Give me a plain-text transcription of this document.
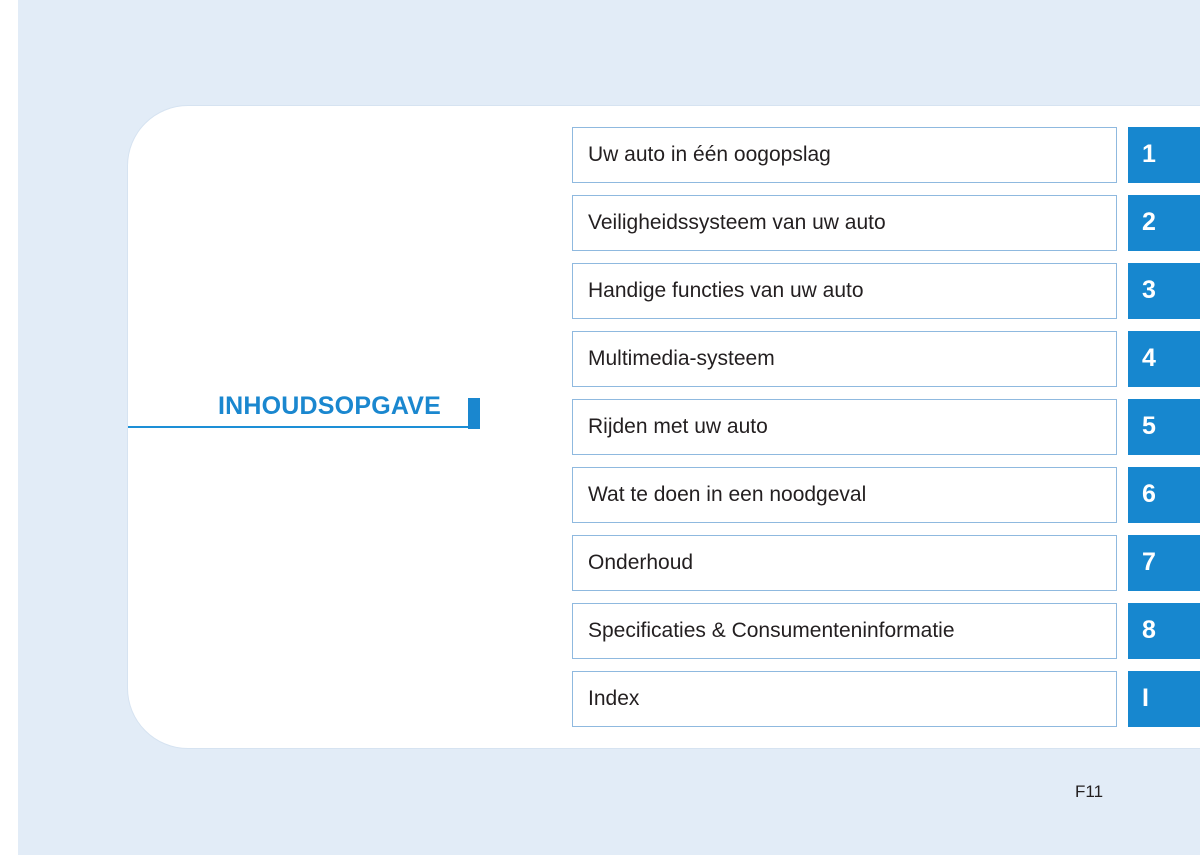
INHOUDSOPGAVE
Uw auto in één oogopslag	1
Veiligheidssysteem van uw auto	2
Handige functies van uw auto	3
Multimedia-systeem	4
Rijden met uw auto	5
Wat te doen in een noodgeval	6
Onderhoud	7
Specificaties & Consumenteninformatie	8
Index	I
F11
